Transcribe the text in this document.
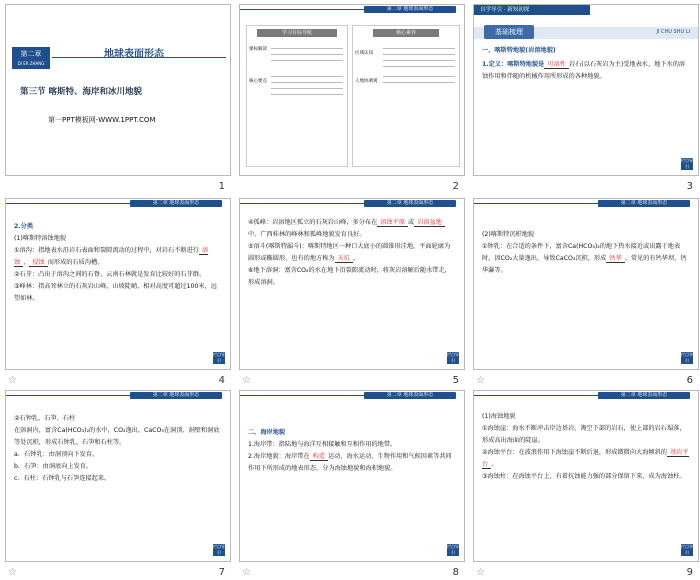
第二章
DI ER ZHANG
地球表面形态
第三节 喀斯特、海岸和冰川地貌
第一PPT模板网-WWW.1PPT.COM
1
第二章 地球表面形态
学习目标导航
课标解读
核心要点
核心素养
区域认知
人地协调观
2
自学导引 · 新知初探
基础梳理	JI CHU SHU LI
一、喀斯特地貌(岩溶地貌)
1.定义：喀斯特地貌是 可溶性 岩石(以石灰岩为主)受地表水、地下水的溶蚀作用和伴随的机械作用所形成的各种地貌。
栏目导引
3
第二章 地球表面形态
2.分类
(1)喀斯特溶蚀地貌
①溶沟：指地表水沿岩石表面和裂隙流动的过程中，对岩石不断进行 溶蚀 、 侵蚀 而形成的石质沟槽。
②石芽：凸出于溶沟之间的石脊，云南石林就是发育比较好的石芽群。
③峰林：指高耸林立的石灰岩山峰，山坡陡峭，相对高度可超过100米，远望如林。
栏目导引
☆	4
第二章 地球表面形态
④孤峰：岩溶地区孤立的石灰岩山峰，多分布在 溶蚀平原 或 岩溶盆地中。广西桂林的峰林和孤峰地貌发育良好。
⑤溶斗(喀斯特漏斗)：喀斯特地区一种口大底小的圆锥形洼地，平面轮廓为圆形或椭圆形，也有的地方称为 天坑 。
⑥地下溶洞：富含CO₂的水在地下沿裂隙流动时，将灰岩溶解后随水带走，形成溶洞。
栏目导引
☆	5
第二章 地球表面形态
(2)喀斯特沉积地貌
①钟乳：在合适的条件下，富含Ca(HCO₃)₂的地下热水接近或出露于地表时，因CO₂大量逸出，导致CaCO₃沉积，形成 钙华 。常见的有钙华坝、钙华瀑等。
栏目导引
☆	6
第二章 地球表面形态
②石钟乳、石笋、石柱
在溶洞内，富含Ca(HCO₃)₂的水中，CO₂逸出，CaCO₃在洞顶、洞壁和洞底等处沉积，形成石钟乳、石笋和石柱等。
a．石钟乳：由洞顶向下发育。
b．石笋：由洞底向上发育。
c．石柱：石钟乳与石笋连接起来。
栏目导引
☆	7
第二章 地球表面形态
二、海岸地貌
1.海岸带：指陆地与海洋互相接触和互相作用的地带。
2.海岸地貌：海岸带在 构造 运动、海水运动、生物作用和气候因素等共同作用下所形成的地表形态，分为海蚀地貌和海积地貌。
栏目导引
☆	8
第二章 地球表面形态
(1)海蚀地貌
①海蚀崖：海水不断冲击岸边基岩，淘空下部的岩石，使上部的岩石塌落，形成高出海面的陡崖。
②海蚀平台：在波浪作用下海蚀崖不断后退，形成微微向大海倾斜的 基岩平台 。
③海蚀柱：在海蚀平台上，有着抗蚀能力强的部分保留下来，成为海蚀柱。
栏目导引
☆	9
